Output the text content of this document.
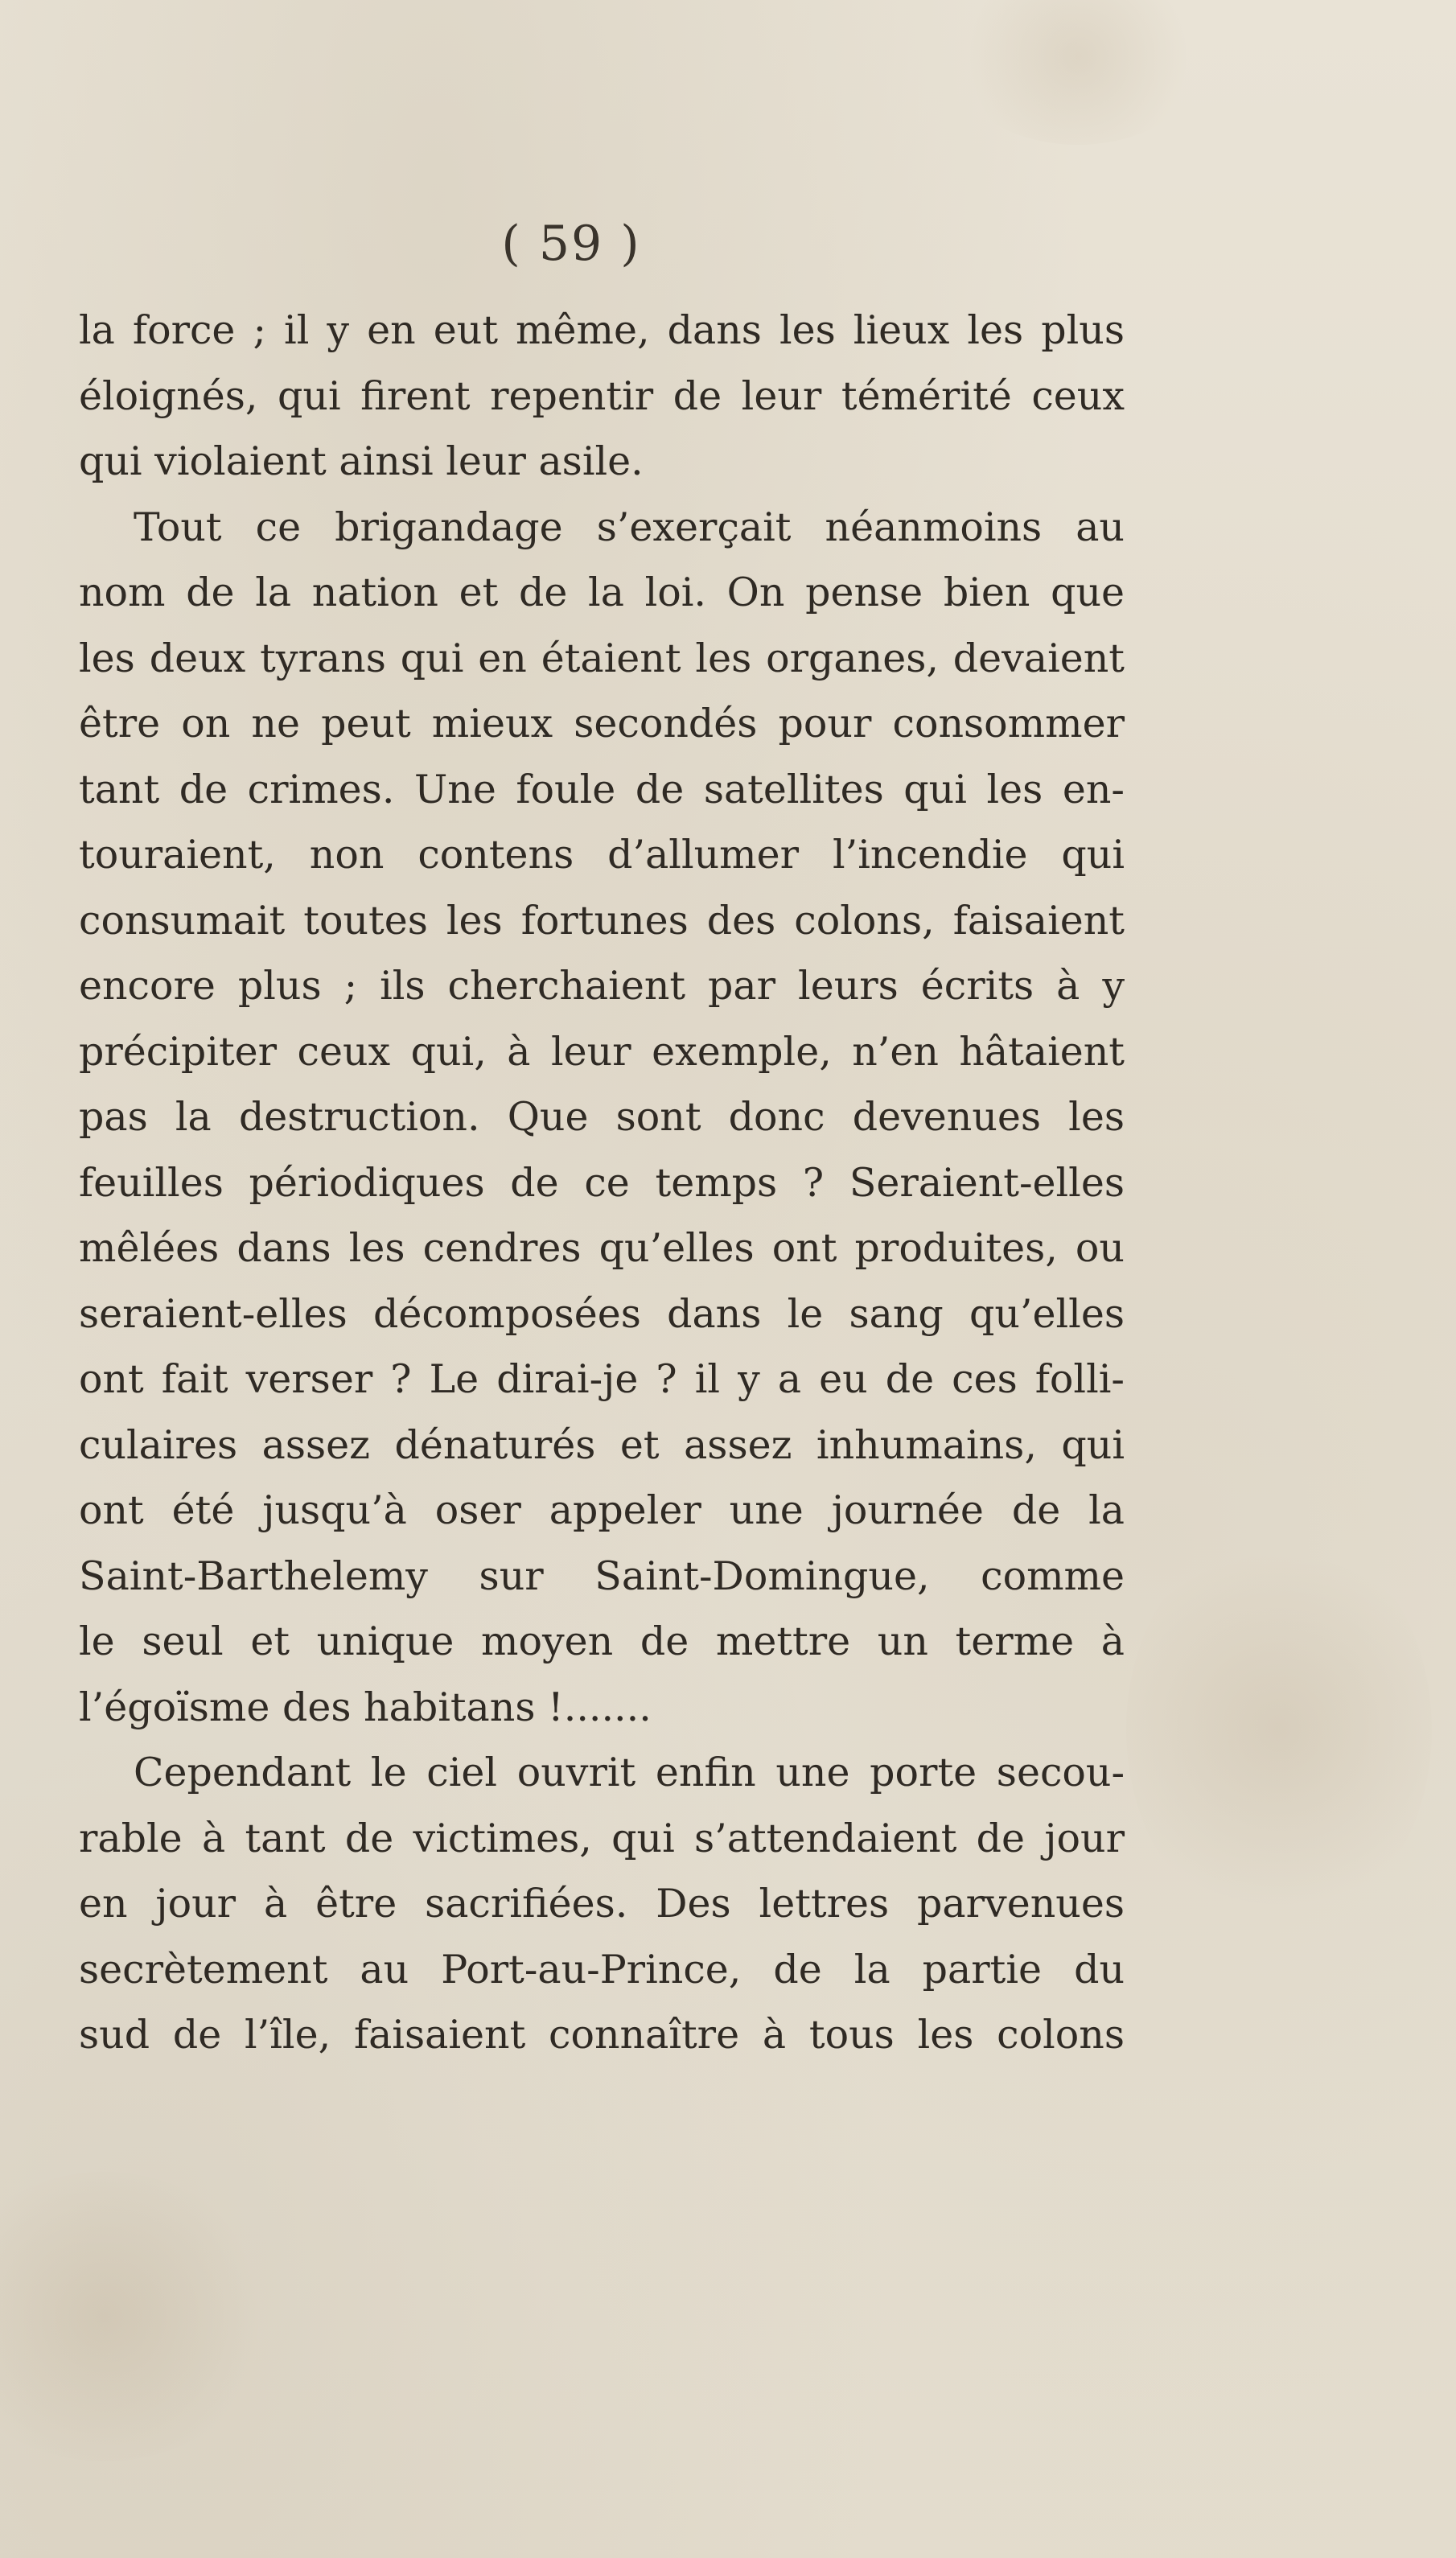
( 59 )
la force ; il y en eut même, dans les lieux les plus
éloignés, qui firent repentir de leur témérité ceux
qui violaient ainsi leur asile.
Tout ce brigandage s’exerçait néanmoins au
nom de la nation et de la loi. On pense bien que
les deux tyrans qui en étaient les organes, devaient
être on ne peut mieux secondés pour consommer
tant de crimes. Une foule de satellites qui les en-
touraient, non contens d’allumer l’incendie qui
consumait toutes les fortunes des colons, faisaient
encore plus ; ils cherchaient par leurs écrits à y
précipiter ceux qui, à leur exemple, n’en hâtaient
pas la destruction. Que sont donc devenues les
feuilles périodiques de ce temps ? Seraient-elles
mêlées dans les cendres qu’elles ont produites, ou
seraient-elles décomposées dans le sang qu’elles
ont fait verser ? Le dirai-je ? il y a eu de ces folli-
culaires assez dénaturés et assez inhumains, qui
ont été jusqu’à oser appeler une journée de la
Saint-Barthelemy sur Saint-Domingue, comme
le seul et unique moyen de mettre un terme à
l’égoïsme des habitans !.......
Cependant le ciel ouvrit enfin une porte secou-
rable à tant de victimes, qui s’attendaient de jour
en jour à être sacrifiées. Des lettres parvenues
secrètement au Port-au-Prince, de la partie du
sud de l’île, faisaient connaître à tous les colons
